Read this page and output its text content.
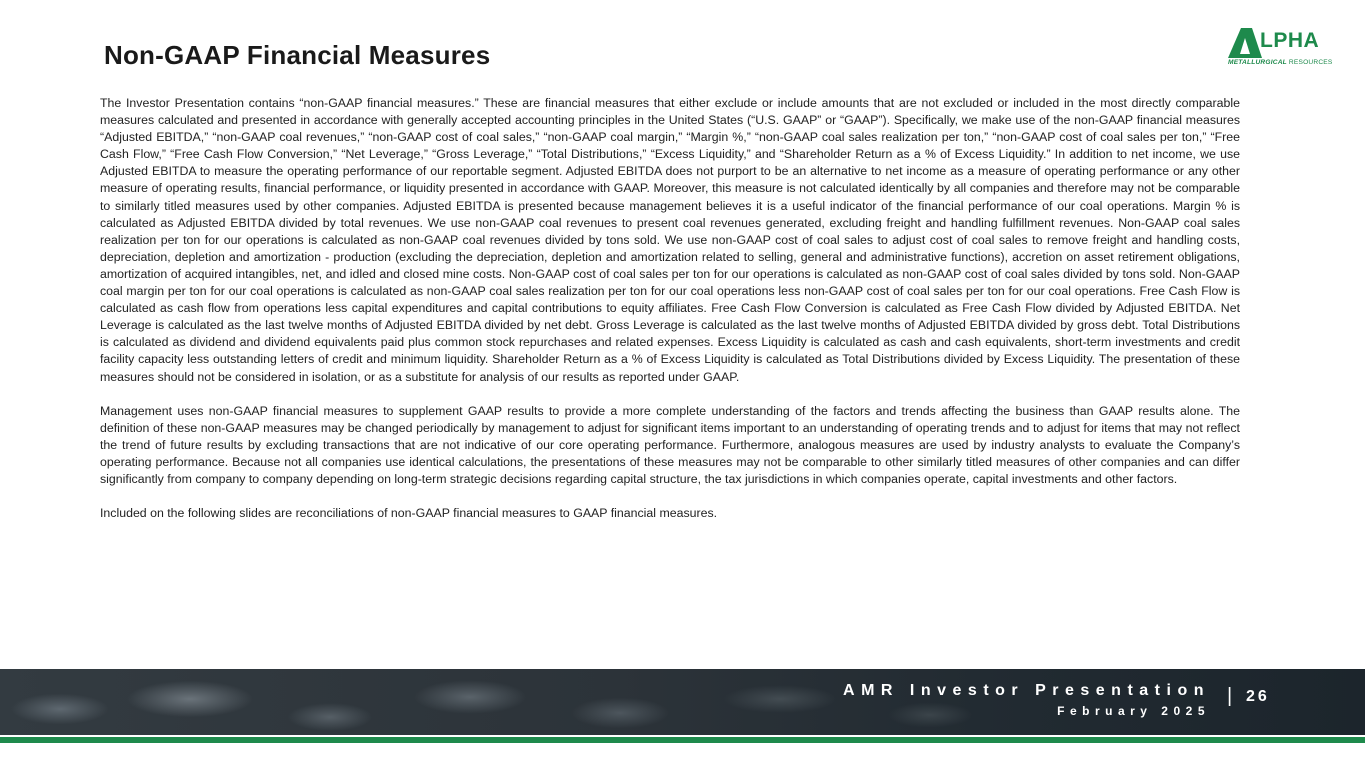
Non-GAAP Financial Measures	LPHA
METALLURGICAL RESOURCES

The Investor Presentation contains “non-GAAP financial measures.” These are financial measures that either exclude or include amounts that are not excluded or included in the most directly comparable measures calculated and presented in accordance with generally accepted accounting principles in the United States (“U.S. GAAP” or “GAAP”). Specifically, we make use of the non-GAAP financial measures “Adjusted EBITDA,” “non-GAAP coal revenues,” “non-GAAP cost of coal sales,” “non-GAAP coal margin,” “Margin %,” “non-GAAP coal sales realization per ton,” “non-GAAP cost of coal sales per ton,” “Free Cash Flow,” “Free Cash Flow Conversion,” “Net Leverage,” “Gross Leverage,” “Total Distributions,” “Excess Liquidity,” and “Shareholder Return as a % of Excess Liquidity.” In addition to net income, we use Adjusted EBITDA to measure the operating performance of our reportable segment. Adjusted EBITDA does not purport to be an alternative to net income as a measure of operating performance or any other measure of operating results, financial performance, or liquidity presented in accordance with GAAP. Moreover, this measure is not calculated identically by all companies and therefore may not be comparable to similarly titled measures used by other companies. Adjusted EBITDA is presented because management believes it is a useful indicator of the financial performance of our coal operations. Margin % is calculated as Adjusted EBITDA divided by total revenues. We use non-GAAP coal revenues to present coal revenues generated, excluding freight and handling fulfillment revenues. Non-GAAP coal sales realization per ton for our operations is calculated as non-GAAP coal revenues divided by tons sold. We use non-GAAP cost of coal sales to adjust cost of coal sales to remove freight and handling costs, depreciation, depletion and amortization - production (excluding the depreciation, depletion and amortization related to selling, general and administrative functions), accretion on asset retirement obligations, amortization of acquired intangibles, net, and idled and closed mine costs. Non-GAAP cost of coal sales per ton for our operations is calculated as non-GAAP cost of coal sales divided by tons sold. Non-GAAP coal margin per ton for our coal operations is calculated as non-GAAP coal sales realization per ton for our coal operations less non-GAAP cost of coal sales per ton for our coal operations. Free Cash Flow is calculated as cash flow from operations less capital expenditures and capital contributions to equity affiliates. Free Cash Flow Conversion is calculated as Free Cash Flow divided by Adjusted EBITDA. Net Leverage is calculated as the last twelve months of Adjusted EBITDA divided by net debt. Gross Leverage is calculated as the last twelve months of Adjusted EBITDA divided by gross debt. Total Distributions is calculated as dividend and dividend equivalents paid plus common stock repurchases and related expenses. Excess Liquidity is calculated as cash and cash equivalents, short-term investments and credit facility capacity less outstanding letters of credit and minimum liquidity. Shareholder Return as a % of Excess Liquidity is calculated as Total Distributions divided by Excess Liquidity. The presentation of these measures should not be considered in isolation, or as a substitute for analysis of our results as reported under GAAP.

Management uses non-GAAP financial measures to supplement GAAP results to provide a more complete understanding of the factors and trends affecting the business than GAAP results alone. The definition of these non-GAAP measures may be changed periodically by management to adjust for significant items important to an understanding of operating trends and to adjust for items that may not reflect the trend of future results by excluding transactions that are not indicative of our core operating performance. Furthermore, analogous measures are used by industry analysts to evaluate the Company’s operating performance. Because not all companies use identical calculations, the presentations of these measures may not be comparable to other similarly titled measures of other companies and can differ significantly from company to company depending on long-term strategic decisions regarding capital structure, the tax jurisdictions in which companies operate, capital investments and other factors.

Included on the following slides are reconciliations of non-GAAP financial measures to GAAP financial measures.

AMR Investor Presentation
February 2025
| 26
